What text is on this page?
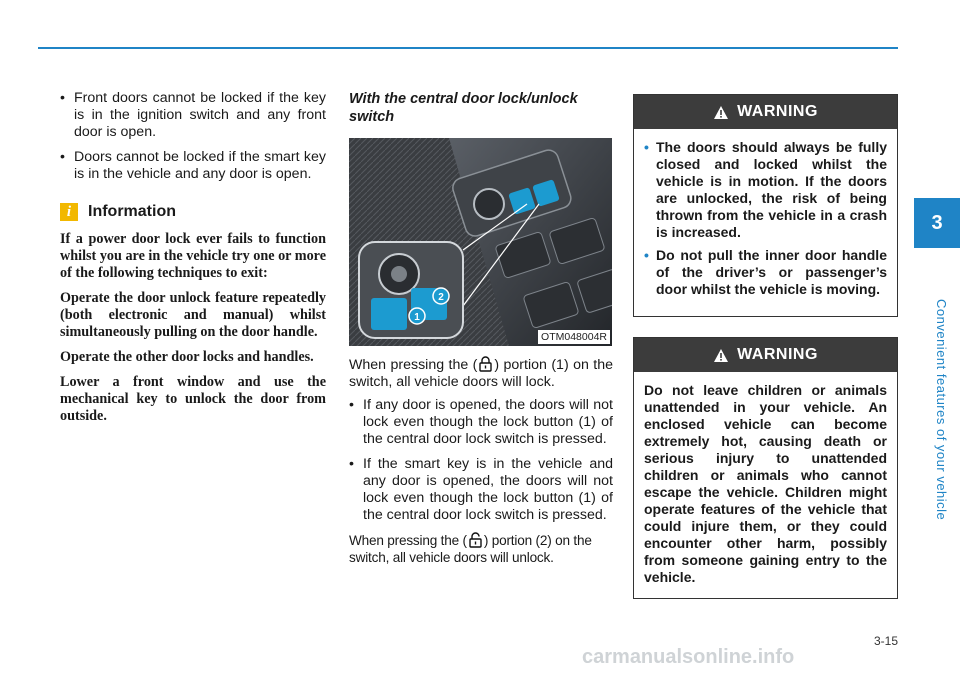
3
Convenient features of your vehicle
• Front doors cannot be locked if the key is in the ignition switch and any front door is open.
• Doors cannot be locked if the smart key is in the vehicle and any door is open.
i	Information

If a power door lock ever fails to function whilst you are in the vehicle try one or more of the following techniques to exit:

Operate the door unlock feature repeatedly (both electronic and manual) whilst simultaneously pulling on the door handle.

Operate the other door locks and handles.

Lower a front window and use the mechanical key to unlock the door from outside.

With the central door lock/unlock switch

1
2
OTM048004R

When pressing the ( ) portion (1) on the switch, all vehicle doors will lock.

• If any door is opened, the doors will not lock even though the lock button (1) of the central door lock switch is pressed.
• If the smart key is in the vehicle and any door is opened, the doors will not lock even though the lock button (1) of the central door lock switch is pressed.

When pressing the ( ) portion (2) on the switch, all vehicle doors will unlock.

WARNING
• The doors should always be fully closed and locked whilst the vehicle is in motion. If the doors are unlocked, the risk of being thrown from the vehicle in a crash is increased.
• Do not pull the inner door handle of the driver’s or passenger’s door whilst the vehicle is moving.
WARNING

Do not leave children or animals unattended in your vehicle. An enclosed vehicle can become extremely hot, causing death or serious injury to unattended children or animals who cannot escape the vehicle. Children might operate features of the vehicle that could injure them, or they could encounter other harm, possibly from someone gaining entry to the vehicle.

3-15
carmanualsonline.info
